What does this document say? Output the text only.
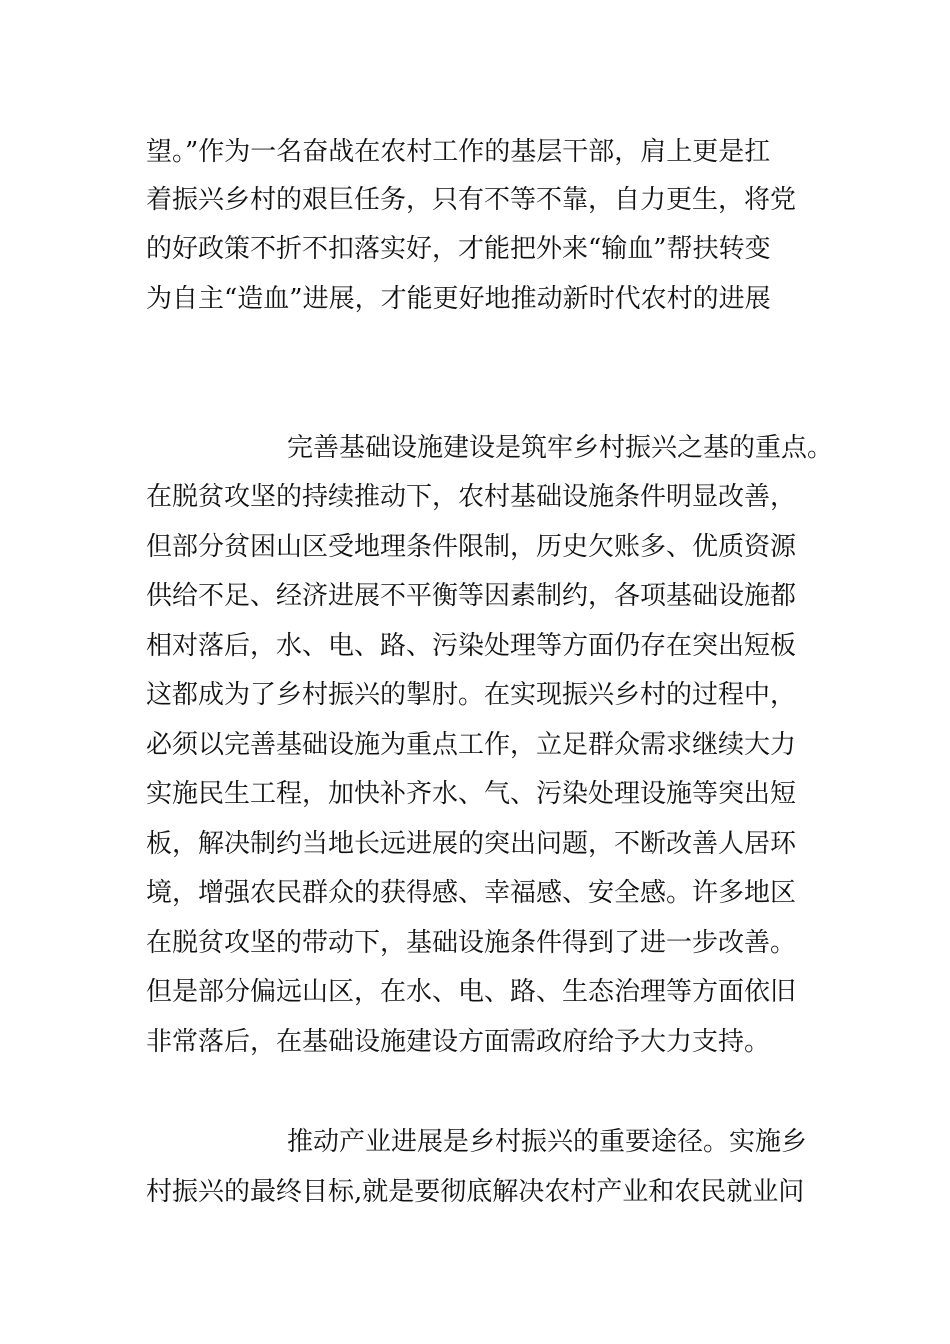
望。”作为一名奋战在农村工作的基层干部，肩上更是扛
着振兴乡村的艰巨任务，只有不等不靠，自力更生，将党
的好政策不折不扣落实好，才能把外来“输血”帮扶转变
为自主“造血”进展，才能更好地推动新时代农村的进展
完善基础设施建设是筑牢乡村振兴之基的重点。
在脱贫攻坚的持续推动下，农村基础设施条件明显改善，
但部分贫困山区受地理条件限制，历史欠账多、优质资源
供给不足、经济进展不平衡等因素制约，各项基础设施都
相对落后，水、电、路、污染处理等方面仍存在突出短板
这都成为了乡村振兴的掣肘。在实现振兴乡村的过程中，
必须以完善基础设施为重点工作，立足群众需求继续大力
实施民生工程，加快补齐水、气、污染处理设施等突出短
板，解决制约当地长远进展的突出问题，不断改善人居环
境，增强农民群众的获得感、幸福感、安全感。许多地区
在脱贫攻坚的带动下，基础设施条件得到了进一步改善。
但是部分偏远山区，在水、电、路、生态治理等方面依旧
非常落后，在基础设施建设方面需政府给予大力支持。
推动产业进展是乡村振兴的重要途径。实施乡
村振兴的最终目标,就是要彻底解决农村产业和农民就业问
